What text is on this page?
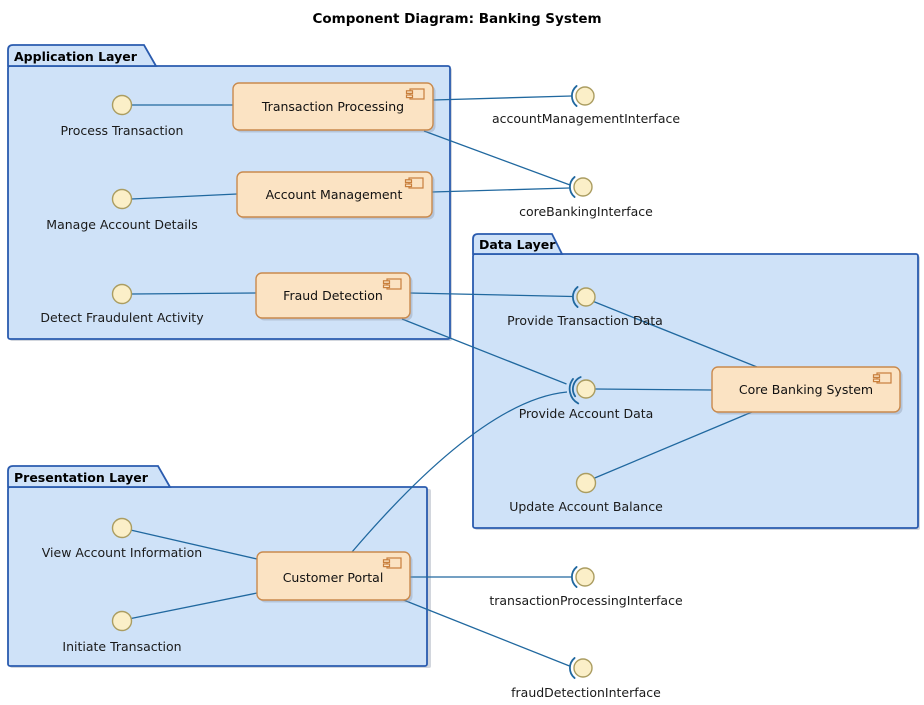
Component Diagram: Banking System
Application Layer
Data Layer
Presentation Layer
Transaction Processing
Account Management
Fraud Detection
Core Banking System
Customer Portal
Process Transaction
Manage Account Details
Detect Fraudulent Activity
View Account Information
Initiate Transaction
Update Account Balance
Provide Transaction Data
Provide Account Data
accountManagementInterface
coreBankingInterface
transactionProcessingInterface
fraudDetectionInterface
